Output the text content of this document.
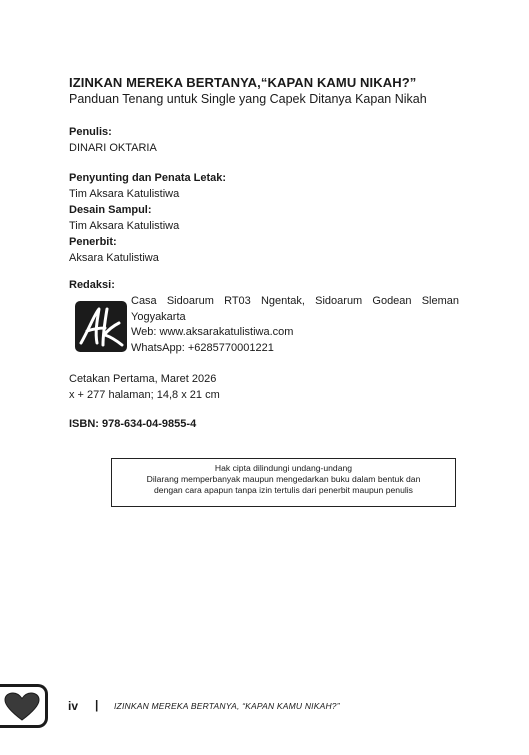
IZINKAN MEREKA BERTANYA,“KAPAN KAMU NIKAH?”

Panduan Tenang untuk Single yang Capek Ditanya Kapan Nikah

Penulis:
DINARI OKTARIA
Penyunting dan Penata Letak:
Tim Aksara Katulistiwa
Desain Sampul:
Tim Aksara Katulistiwa
Penerbit:
Aksara Katulistiwa
Redaksi:
Casa Sidoarum RT03 Ngentak, Sidoarum Godean Sleman
Yogyakarta
Web: www.aksarakatulistiwa.com
WhatsApp: +6285770001221
Cetakan Pertama, Maret 2026
x + 277 halaman; 14,8 x 21 cm
ISBN: 978-634-04-9855-4
Hak cipta dilindungi undang-undang
Dilarang memperbanyak maupun mengedarkan buku dalam bentuk dan
dengan cara apapun tanpa izin tertulis dari penerbit maupun penulis
iv | IZINKAN MEREKA BERTANYA, “KAPAN KAMU NIKAH?”
